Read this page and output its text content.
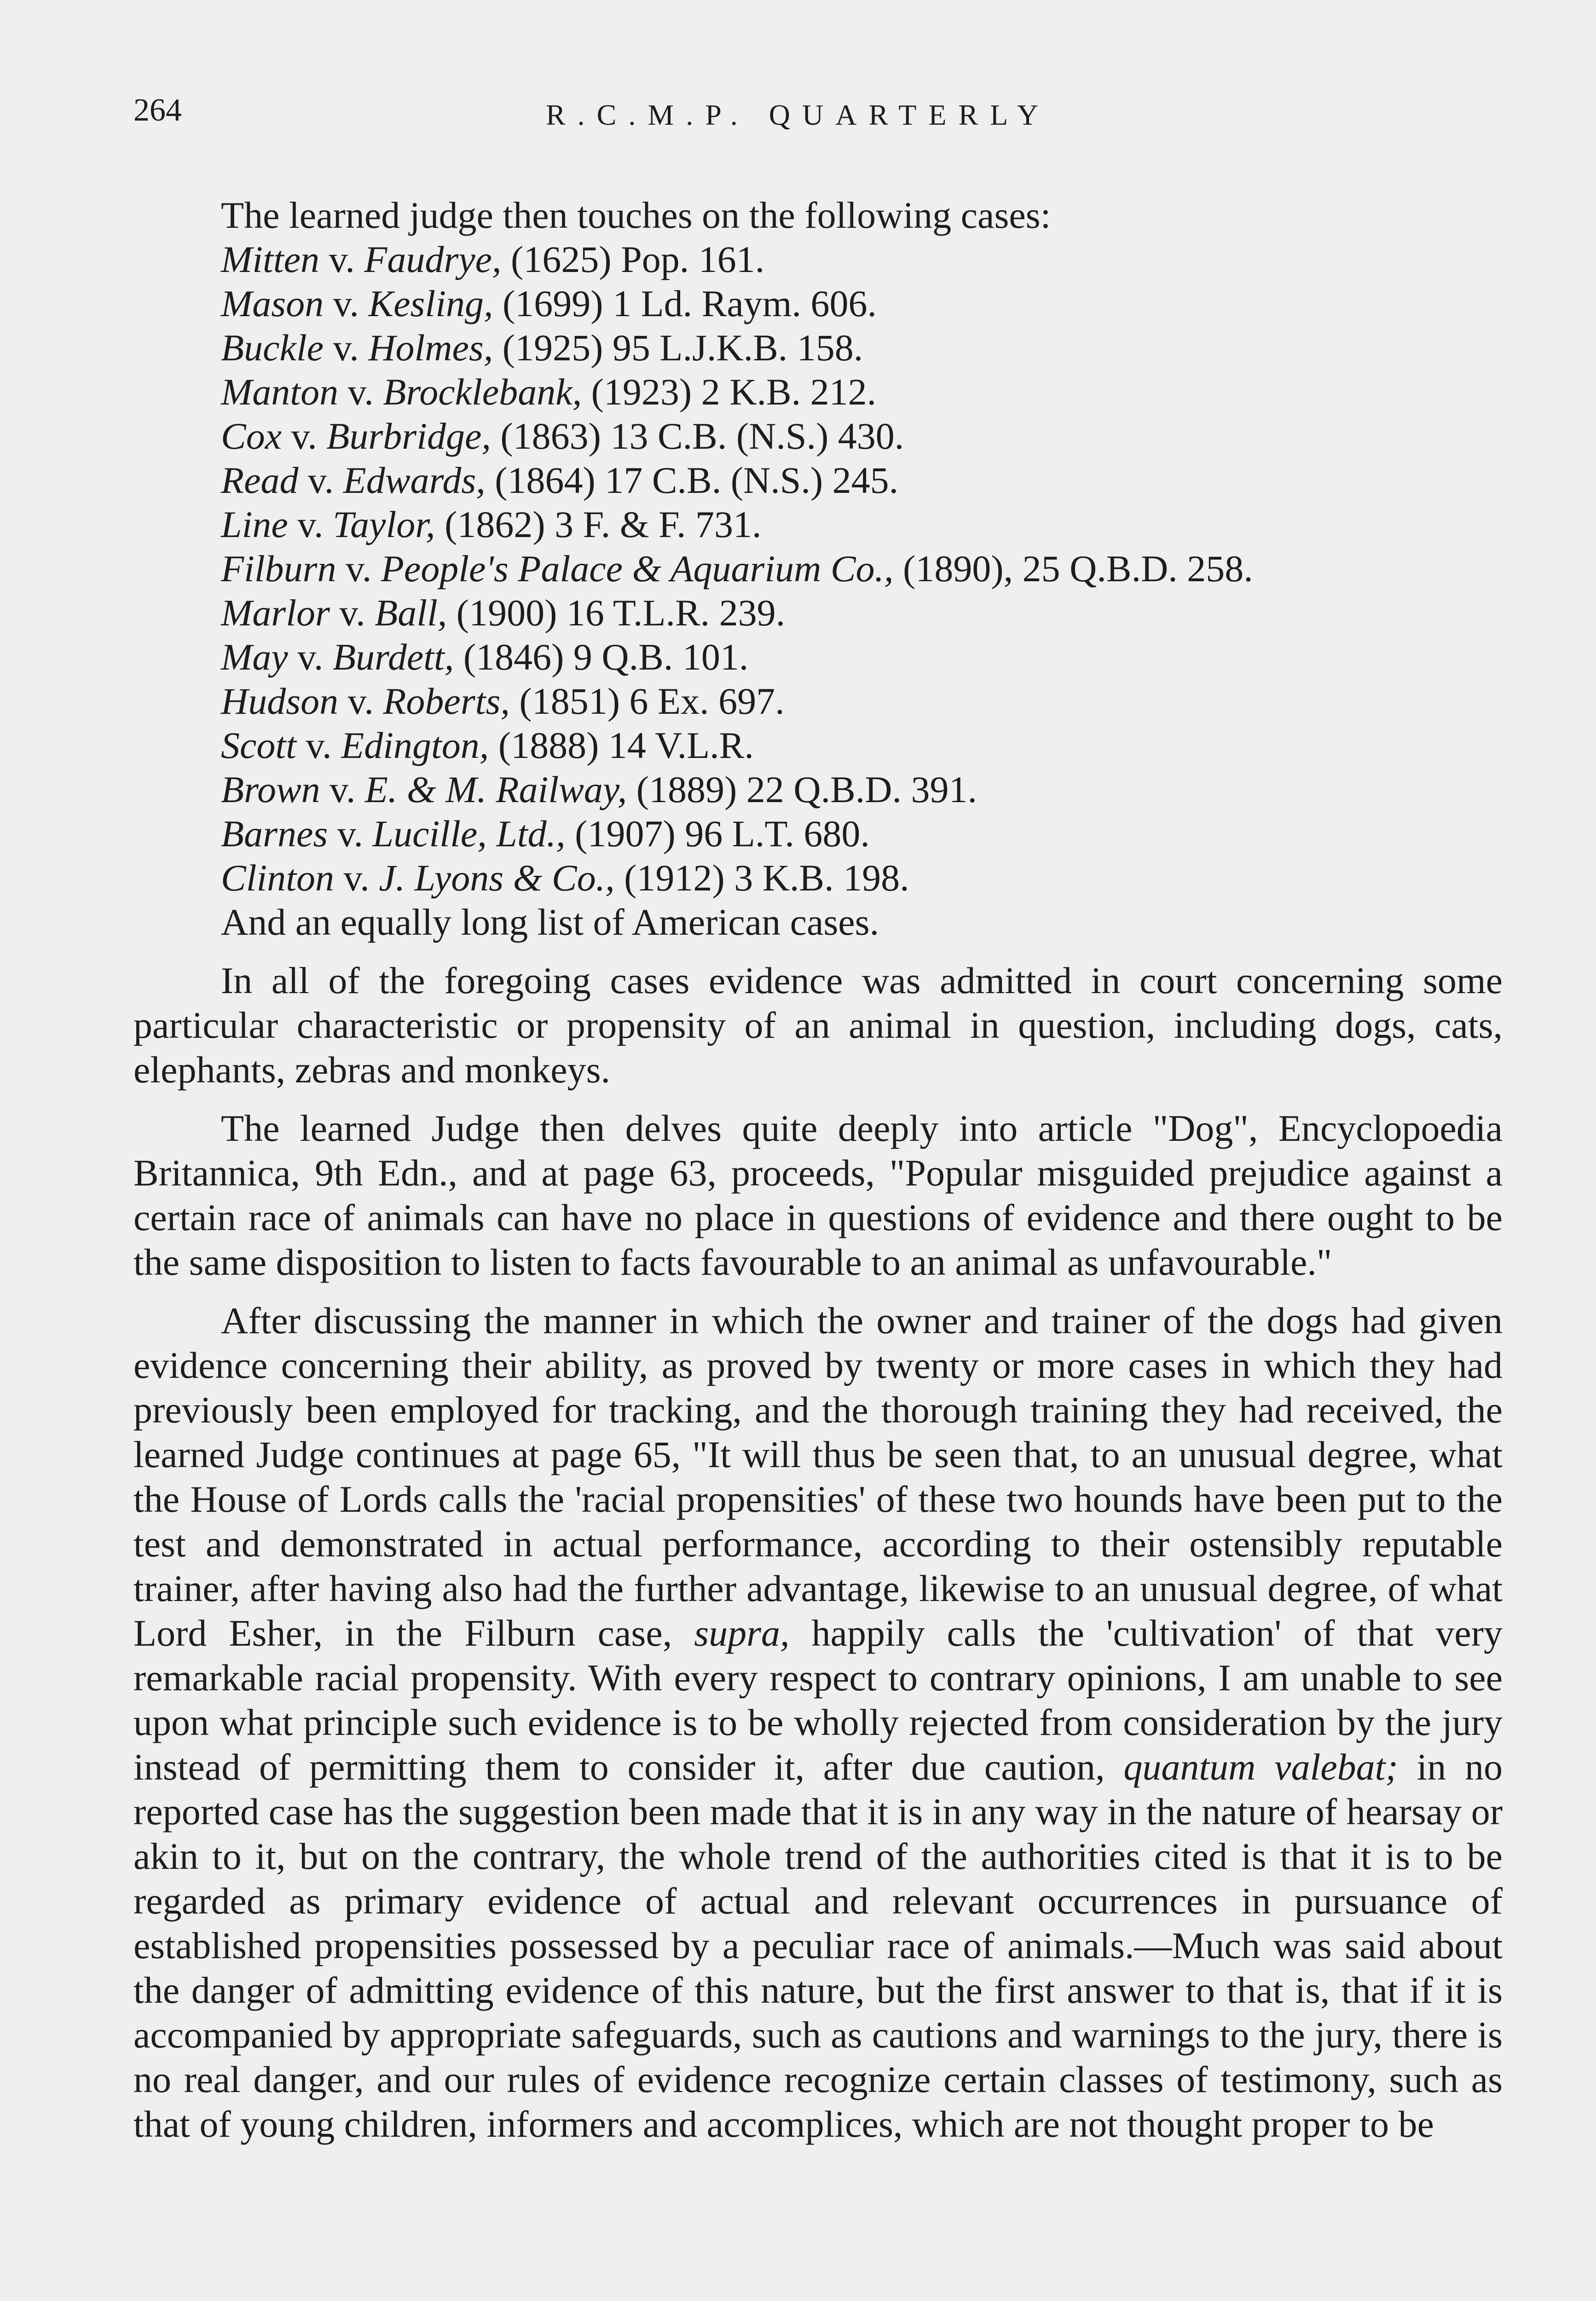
264	R.C.M.P. QUARTERLY
The learned judge then touches on the following cases:
Mitten v. Faudrye, (1625) Pop. 161.
Mason v. Kesling, (1699) 1 Ld. Raym. 606.
Buckle v. Holmes, (1925) 95 L.J.K.B. 158.
Manton v. Brocklebank, (1923) 2 K.B. 212.
Cox v. Burbridge, (1863) 13 C.B. (N.S.) 430.
Read v. Edwards, (1864) 17 C.B. (N.S.) 245.
Line v. Taylor, (1862) 3 F. & F. 731.
Filburn v. People's Palace & Aquarium Co., (1890), 25 Q.B.D. 258.
Marlor v. Ball, (1900) 16 T.L.R. 239.
May v. Burdett, (1846) 9 Q.B. 101.
Hudson v. Roberts, (1851) 6 Ex. 697.
Scott v. Edington, (1888) 14 V.L.R.
Brown v. E. & M. Railway, (1889) 22 Q.B.D. 391.
Barnes v. Lucille, Ltd., (1907) 96 L.T. 680.
Clinton v. J. Lyons & Co., (1912) 3 K.B. 198.
And an equally long list of American cases.

In all of the foregoing cases evidence was admitted in court concerning some particular characteristic or propensity of an animal in question, including dogs, cats, elephants, zebras and monkeys.

The learned Judge then delves quite deeply into article "Dog", Encyclopoedia Britannica, 9th Edn., and at page 63, proceeds, "Popular misguided prejudice against a certain race of animals can have no place in questions of evidence and there ought to be the same disposition to listen to facts favourable to an animal as unfavourable."

After discussing the manner in which the owner and trainer of the dogs had given evidence concerning their ability, as proved by twenty or more cases in which they had previously been employed for tracking, and the thorough training they had received, the learned Judge continues at page 65, "It will thus be seen that, to an unusual degree, what the House of Lords calls the 'racial propensities' of these two hounds have been put to the test and demonstrated in actual performance, according to their ostensibly reputable trainer, after having also had the further advantage, likewise to an unusual degree, of what Lord Esher, in the Filburn case, supra, happily calls the 'cultivation' of that very remarkable racial propensity. With every respect to contrary opinions, I am unable to see upon what principle such evidence is to be wholly rejected from consideration by the jury instead of permitting them to consider it, after due caution, quantum valebat; in no reported case has the suggestion been made that it is in any way in the nature of hearsay or akin to it, but on the contrary, the whole trend of the authorities cited is that it is to be regarded as primary evidence of actual and relevant occurrences in pursuance of established propensities possessed by a peculiar race of animals.—Much was said about the danger of admitting evidence of this nature, but the first answer to that is, that if it is accompanied by appropriate safeguards, such as cautions and warnings to the jury, there is no real danger, and our rules of evidence recognize certain classes of testimony, such as that of young children, informers and accomplices, which are not thought proper to be
